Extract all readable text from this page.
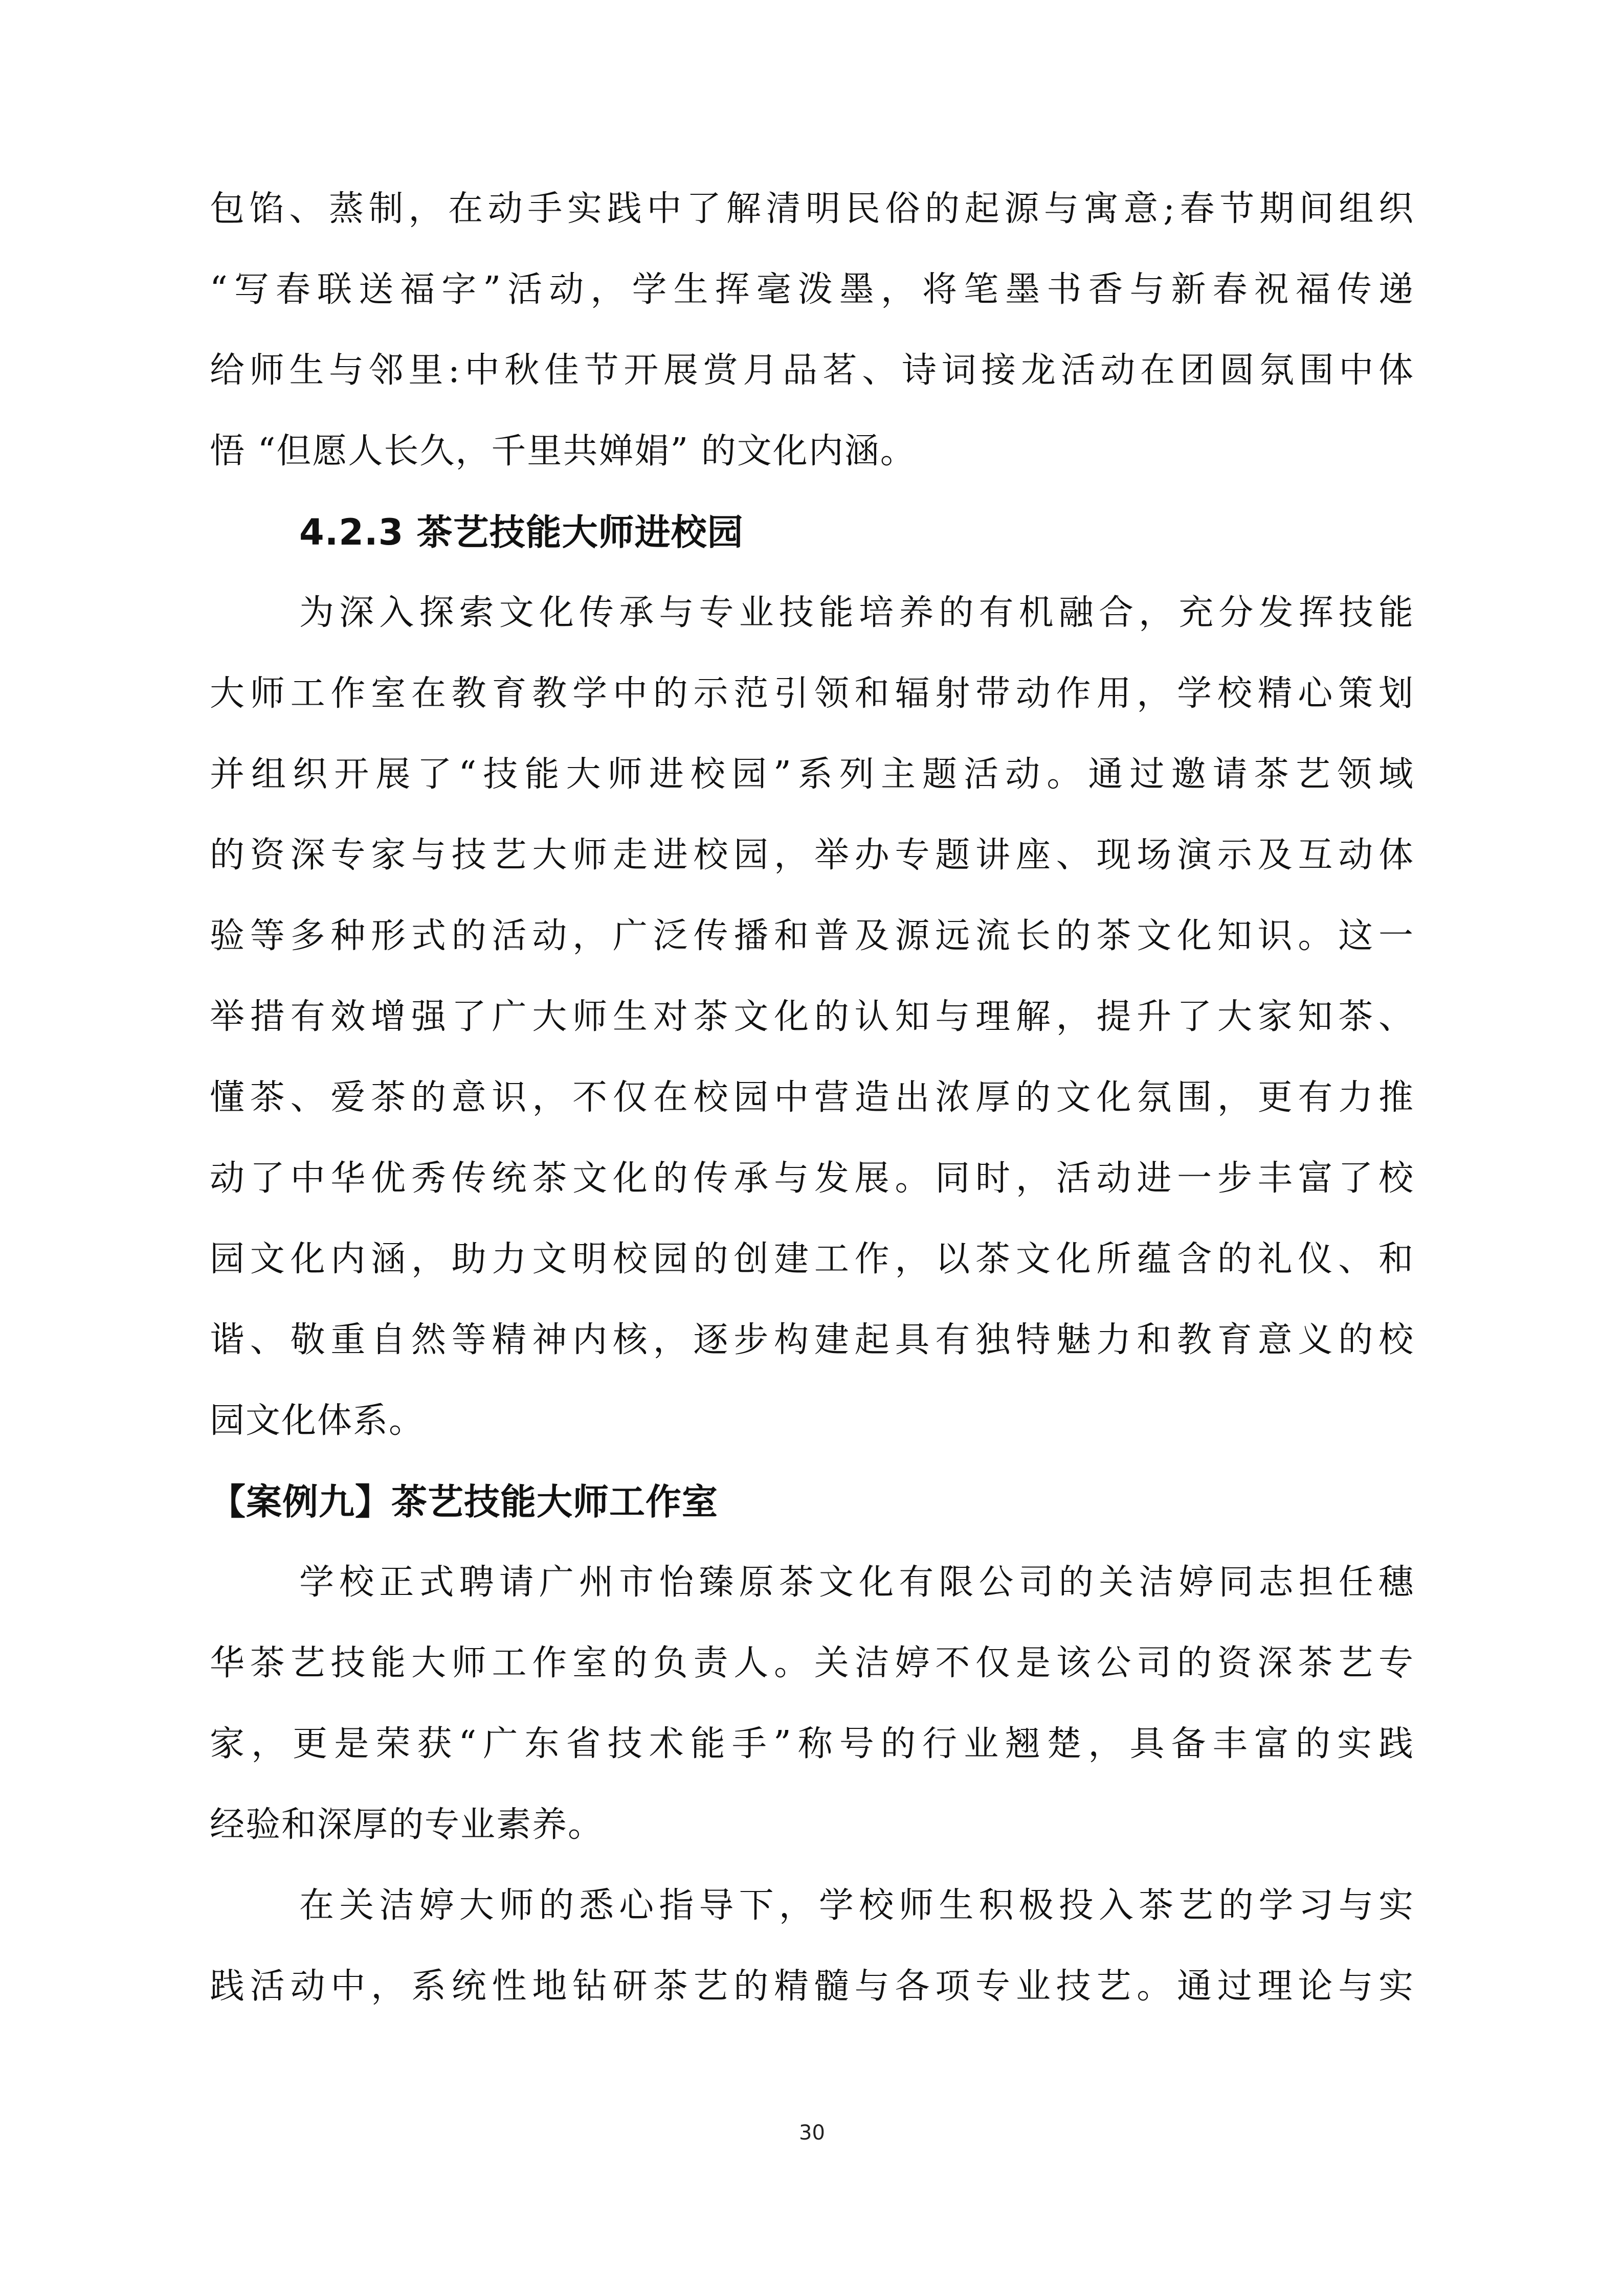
包馅、蒸制，在动手实践中了解清明民俗的起源与寓意;春节期间组织
“写春联送福字”活动，学生挥毫泼墨，将笔墨书香与新春祝福传递
给师生与邻里:中秋佳节开展赏月品茗、诗词接龙活动在团圆氛围中体
悟 “但愿人长久，千里共婵娟” 的文化内涵。
4.2.3 茶艺技能大师进校园
为深入探索文化传承与专业技能培养的有机融合，充分发挥技能
大师工作室在教育教学中的示范引领和辐射带动作用，学校精心策划
并组织开展了“技能大师进校园”系列主题活动。通过邀请茶艺领域
的资深专家与技艺大师走进校园，举办专题讲座、现场演示及互动体
验等多种形式的活动，广泛传播和普及源远流长的茶文化知识。这一
举措有效增强了广大师生对茶文化的认知与理解，提升了大家知茶、
懂茶、爱茶的意识，不仅在校园中营造出浓厚的文化氛围，更有力推
动了中华优秀传统茶文化的传承与发展。同时，活动进一步丰富了校
园文化内涵，助力文明校园的创建工作，以茶文化所蕴含的礼仪、和
谐、敬重自然等精神内核，逐步构建起具有独特魅力和教育意义的校
园文化体系。
【案例九】茶艺技能大师工作室
学校正式聘请广州市怡臻原茶文化有限公司的关洁婷同志担任穗
华茶艺技能大师工作室的负责人。关洁婷不仅是该公司的资深茶艺专
家，更是荣获“广东省技术能手”称号的行业翘楚，具备丰富的实践
经验和深厚的专业素养。
在关洁婷大师的悉心指导下，学校师生积极投入茶艺的学习与实
践活动中，系统性地钻研茶艺的精髓与各项专业技艺。通过理论与实
30
